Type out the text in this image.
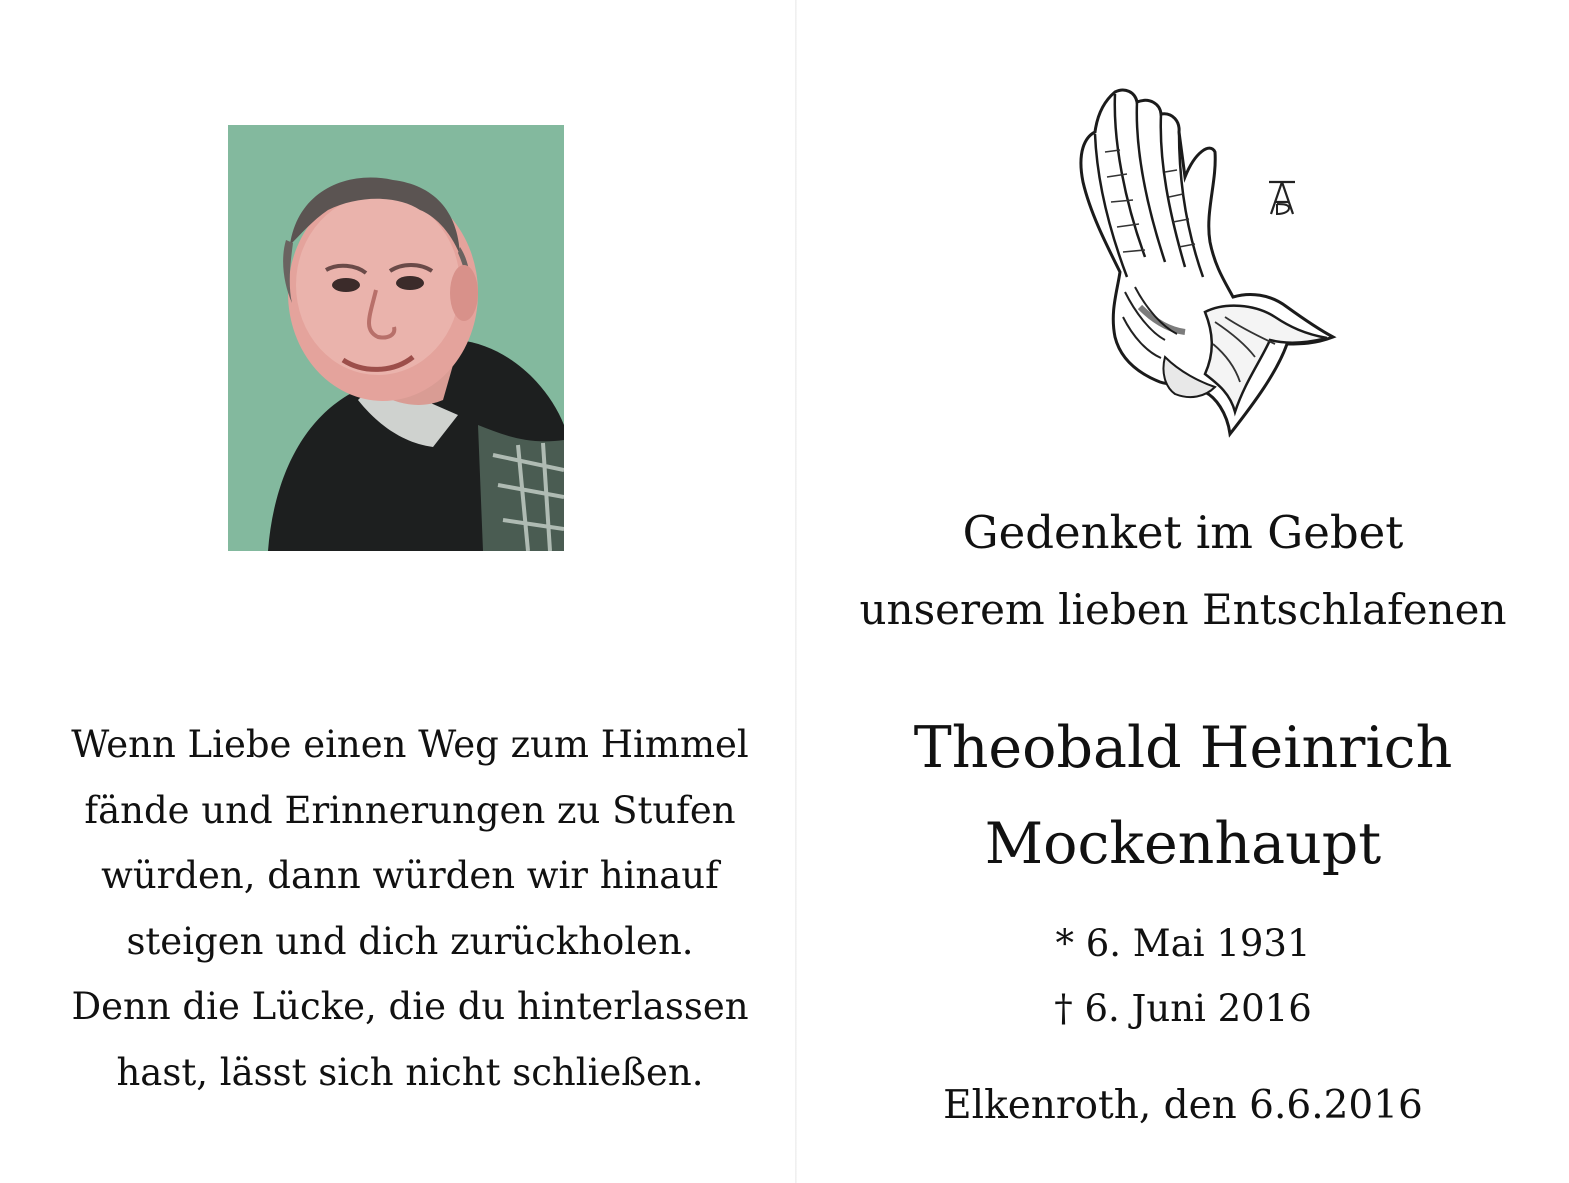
Wenn Liebe einen Weg zum Himmel
fände und Erinnerungen zu Stufen
würden, dann würden wir hinauf
steigen und dich zurückholen.
Denn die Lücke, die du hinterlassen
hast, lässt sich nicht schließen.
Gedenket im Gebet
unserem lieben Entschlafenen
Theobald Heinrich
Mockenhaupt
* 6. Mai 1931
† 6. Juni 2016
Elkenroth, den 6.6.2016
